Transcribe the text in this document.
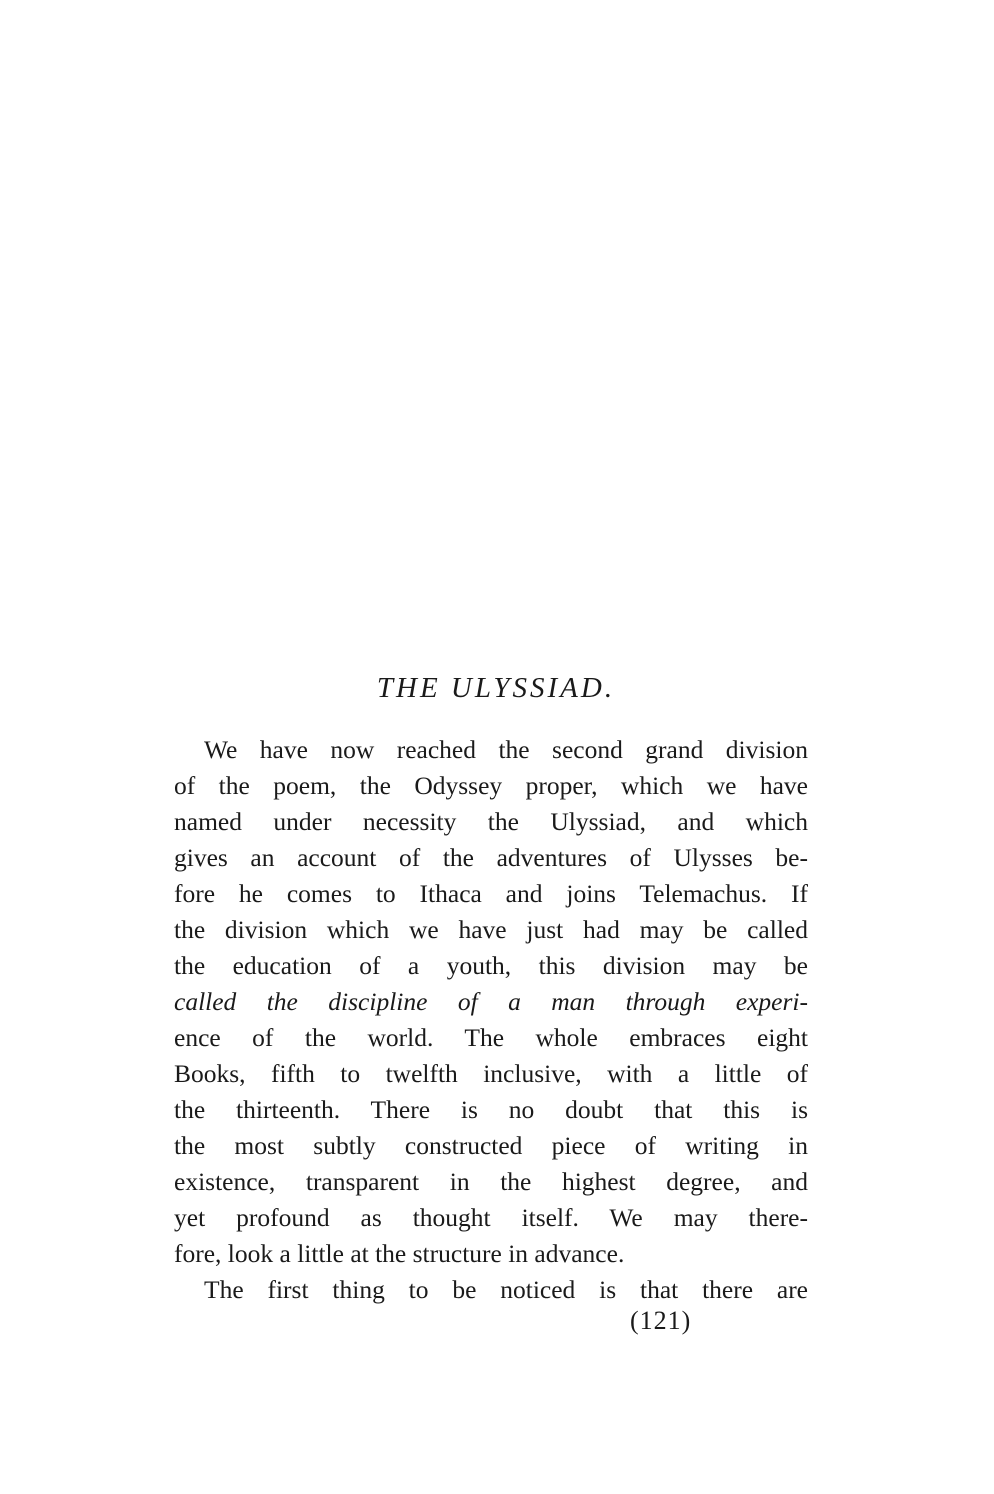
THE ULYSSIAD.
We have now reached the second grand division
of the poem, the Odyssey proper, which we have
named under necessity the Ulyssiad, and which
gives an account of the adventures of Ulysses be-
fore he comes to Ithaca and joins Telemachus. If
the division which we have just had may be called
the education of a youth, this division may be
called the discipline of a man through experi-
ence of the world. The whole embraces eight
Books, fifth to twelfth inclusive, with a little of
the thirteenth. There is no doubt that this is
the most subtly constructed piece of writing in
existence, transparent in the highest degree, and
yet profound as thought itself. We may there-
fore, look a little at the structure in advance.
The first thing to be noticed is that there are
(121)
